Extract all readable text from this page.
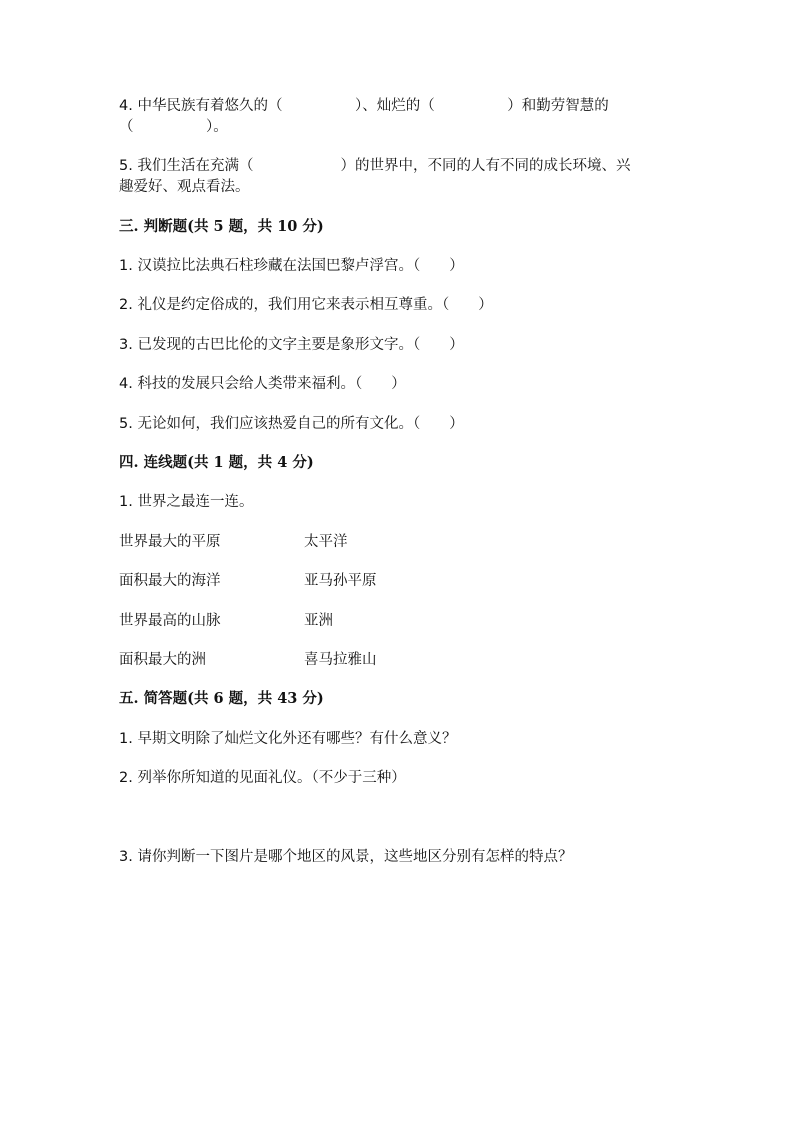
4. 中华民族有着悠久的（　　　　　）、灿烂的（　　　　　）和勤劳智慧的
（　　　　　）。
5. 我们生活在充满（　　　　　　）的世界中，不同的人有不同的成长环境、兴
趣爱好、观点看法。
三. 判断题(共 5 题，共 10 分)
1. 汉谟拉比法典石柱珍藏在法国巴黎卢浮宫。（　　）
2. 礼仪是约定俗成的，我们用它来表示相互尊重。（　　）
3. 已发现的古巴比伦的文字主要是象形文字。（　　）
4. 科技的发展只会给人类带来福利。（　　）
5. 无论如何，我们应该热爱自己的所有文化。（　　）
四. 连线题(共 1 题，共 4 分)
1. 世界之最连一连。
世界最大的平原	太平洋
面积最大的海洋	亚马孙平原
世界最高的山脉	亚洲
面积最大的洲	喜马拉雅山
五. 简答题(共 6 题，共 43 分)
1. 早期文明除了灿烂文化外还有哪些？有什么意义？
2. 列举你所知道的见面礼仪。（不少于三种）
3. 请你判断一下图片是哪个地区的风景，这些地区分别有怎样的特点？
